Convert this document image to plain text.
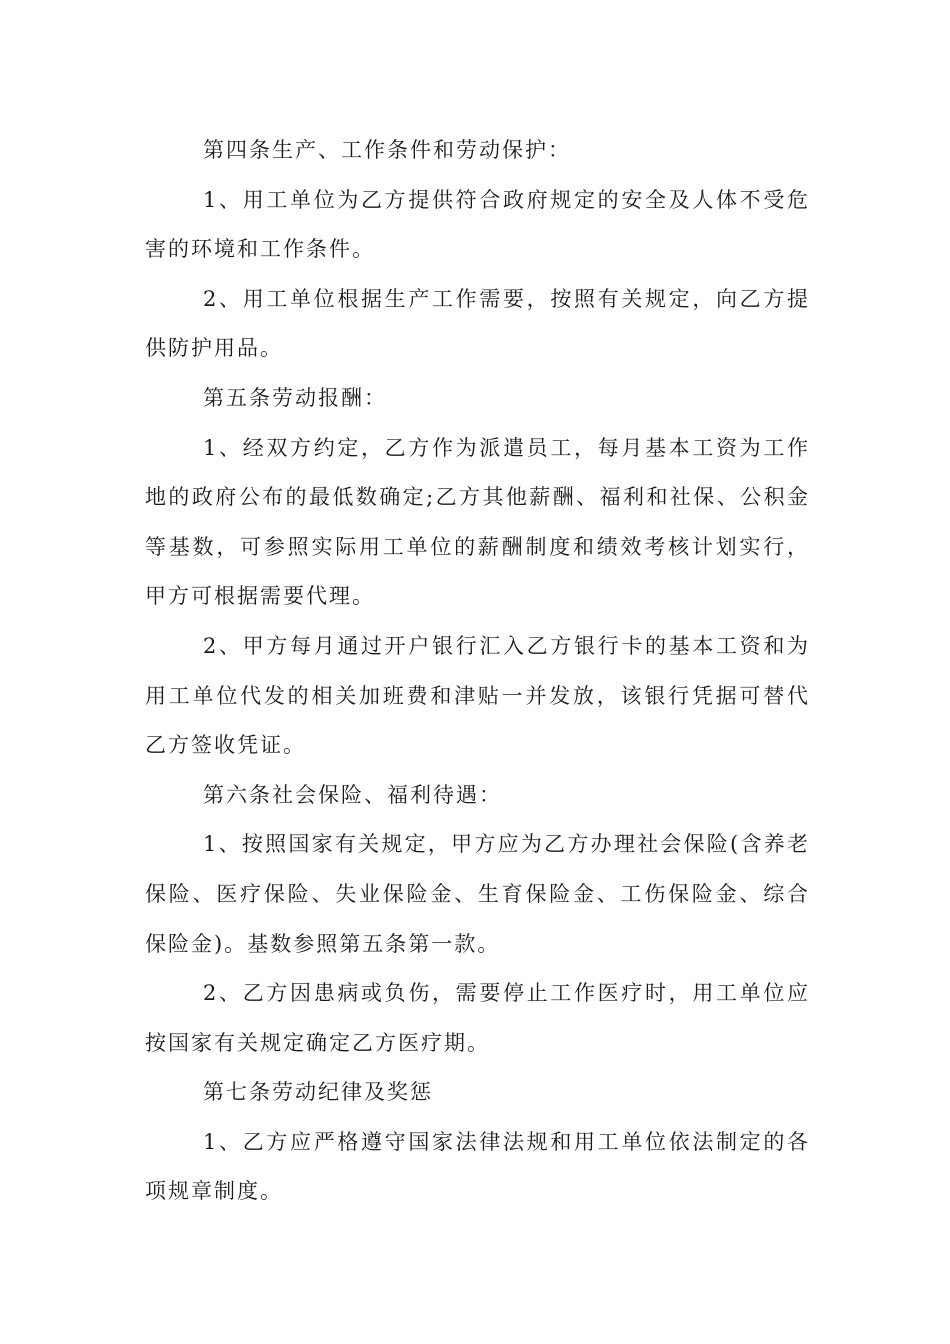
第四条生产、工作条件和劳动保护：

1、用工单位为乙方提供符合政府规定的安全及人体不受危害的环境和工作条件。

2、用工单位根据生产工作需要，按照有关规定，向乙方提供防护用品。

第五条劳动报酬：

1、经双方约定，乙方作为派遣员工，每月基本工资为工作地的政府公布的最低数确定;乙方其他薪酬、福利和社保、公积金等基数，可参照实际用工单位的薪酬制度和绩效考核计划实行，甲方可根据需要代理。

2、甲方每月通过开户银行汇入乙方银行卡的基本工资和为用工单位代发的相关加班费和津贴一并发放，该银行凭据可替代乙方签收凭证。

第六条社会保险、福利待遇：

1、按照国家有关规定，甲方应为乙方办理社会保险(含养老保险、医疗保险、失业保险金、生育保险金、工伤保险金、综合保险金)。基数参照第五条第一款。

2、乙方因患病或负伤，需要停止工作医疗时，用工单位应按国家有关规定确定乙方医疗期。

第七条劳动纪律及奖惩

1、乙方应严格遵守国家法律法规和用工单位依法制定的各项规章制度。
